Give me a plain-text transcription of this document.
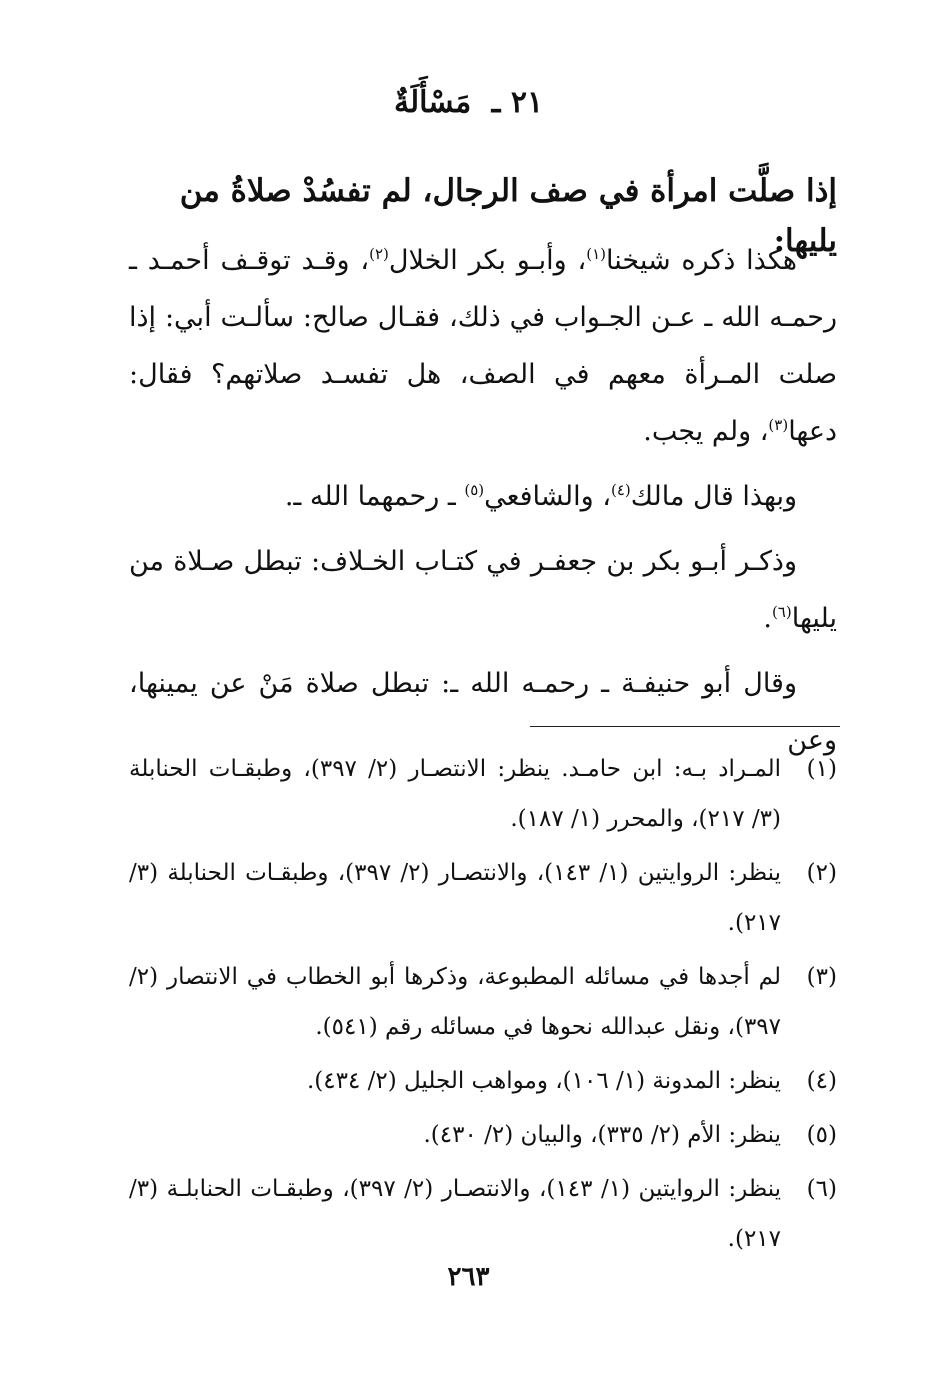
٢١ ـ مَسْأَلَةٌ
إذا صلَّت امرأة في صف الرجال، لم تفسُدْ صلاةُ من يليها:

هكذا ذكره شيخنا$^{(١)}$، وأبـو بكر الخلال$^{(٢)}$، وقـد توقـف أحمـد ـ رحمـه الله ـ عـن الجـواب في ذلك، فقـال صالح: سألـت أبي: إذا صلت المـرأة معهم في الصف، هل تفسـد صلاتهم؟ فقال: دعها$^{(٣)}$، ولم يجب.

وبهذا قال مالك$^{(٤)}$، والشافعي$^{(٥)}$ ـ رحمهما الله ـ.

وذكـر أبـو بكر بن جعفـر في كتـاب الخـلاف: تبطل صـلاة من يليها$^{(٦)}$.

وقال أبو حنيفـة ـ رحمـه الله ـ: تبطل صلاة مَنْ عن يمينها، وعن

(١)
المـراد بـه: ابن حامـد. ينظر: الانتصـار (٢/ ٣٩٧)، وطبقـات الحنابلة (٣/ ٢١٧)، والمحرر (١/ ١٨٧).
(٢)
ينظر: الروايتين (١/ ١٤٣)، والانتصـار (٢/ ٣٩٧)، وطبقـات الحنابلة (٣/ ٢١٧).
(٣)
لم أجدها في مسائله المطبوعة، وذكرها أبو الخطاب في الانتصار (٢/ ٣٩٧)، ونقل عبدالله نحوها في مسائله رقم (٥٤١).
(٤)
ينظر: المدونة (١/ ١٠٦)، ومواهب الجليل (٢/ ٤٣٤).
(٥)
ينظر: الأم (٢/ ٣٣٥)، والبيان (٢/ ٤٣٠).
(٦)
ينظر: الروايتين (١/ ١٤٣)، والانتصـار (٢/ ٣٩٧)، وطبقـات الحنابلـة (٣/ ٢١٧).
٢٦٣
